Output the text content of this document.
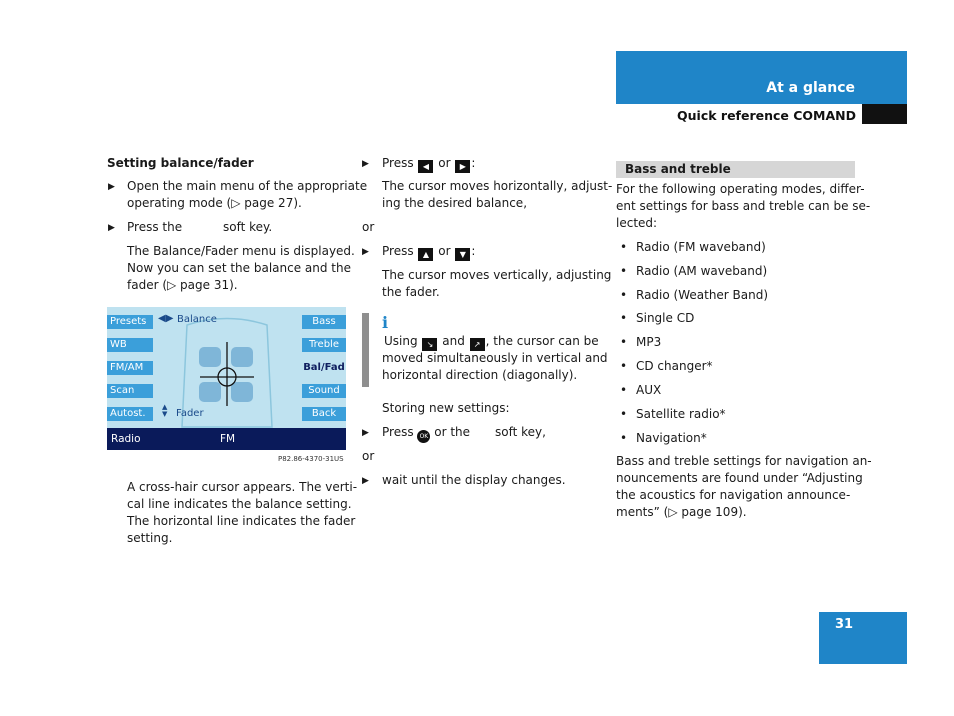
At a glance
Quick reference COMAND
Setting balance/fader
▶ Open the main menu of the appropriate
operating mode (▷ page 27).
▶ Press the	soft key.
The Balance/Fader menu is displayed.
Now you can set the balance and the
fader (▷ page 31).
Presets
WB
FM/AM
Scan
Autost.
Bass
Treble
Bal/Fad
Sound
Back
◀▶ Balance
▲
▼ Fader
Radio	FM
P82.86-4370-31US
A cross-hair cursor appears. The verti-
cal line indicates the balance setting.
The horizontal line indicates the fader
setting.
▶ Press ◀ or ▶ :
The cursor moves horizontally, adjust-
ing the desired balance,
or
▶ Press ▲ or ▼ :
The cursor moves vertically, adjusting
the fader.
i
Using ↘ and ↗ , the cursor can be
moved simultaneously in vertical and
horizontal direction (diagonally).
Storing new settings:
▶ Press OK or the soft key,
or
▶ wait until the display changes.
Bass and treble
For the following operating modes, differ-
ent settings for bass and treble can be se-
lected:
• Radio (FM waveband)
• Radio (AM waveband)
• Radio (Weather Band)
• Single CD
• MP3
• CD changer*
• AUX
• Satellite radio*
• Navigation*
Bass and treble settings for navigation an-
nouncements are found under “Adjusting
the acoustics for navigation announce-
ments” (▷ page 109).
31
